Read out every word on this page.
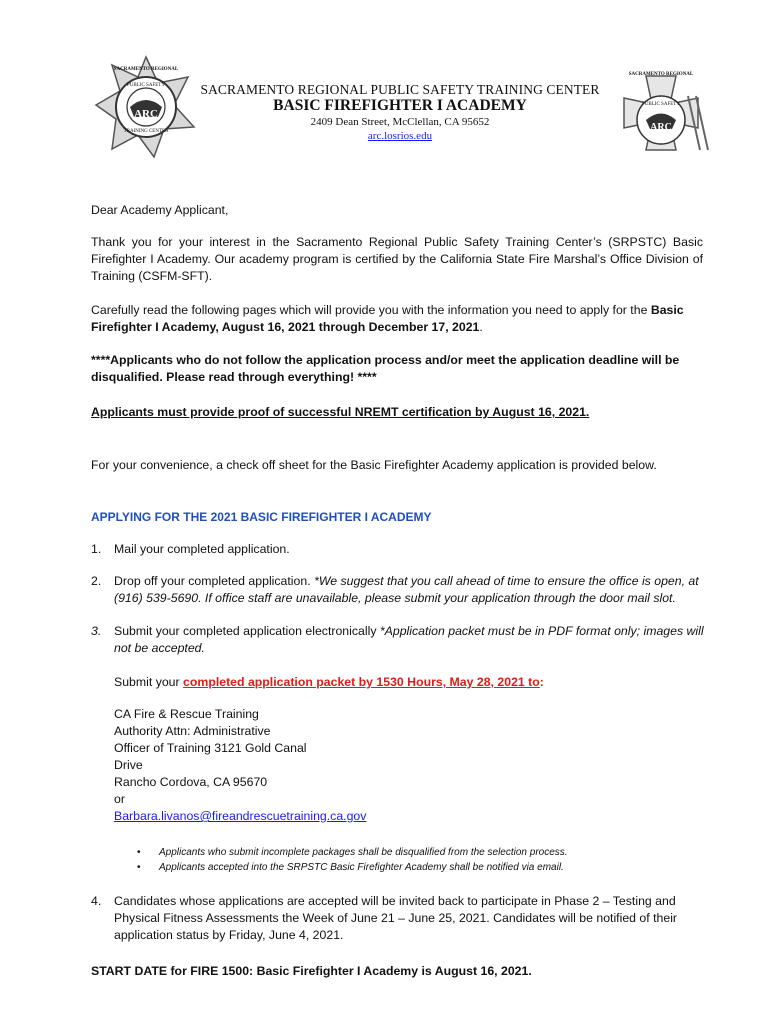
ARC
SACRAMENTO REGIONAL
PUBLIC SAFETY
TRAINING CENTER	ARC
SACRAMENTO REGIONAL
PUBLIC SAFETY
SACRAMENTO REGIONAL PUBLIC SAFETY TRAINING CENTER
BASIC FIREFIGHTER I ACADEMY
2409 Dean Street, McClellan, CA 95652
arc.losrios.edu
Dear Academy Applicant,
Thank you for your interest in the Sacramento Regional Public Safety Training Center’s (SRPSTC) Basic Firefighter I Academy. Our academy program is certified by the California State Fire Marshal’s Office Division of Training (CSFM-SFT).
Carefully read the following pages which will provide you with the information you need to apply for the Basic Firefighter I Academy, August 16, 2021 through December 17, 2021.
****Applicants who do not follow the application process and/or meet the application deadline will be disqualified. Please read through everything! ****
Applicants must provide proof of successful NREMT certification by August 16, 2021.
For your convenience, a check off sheet for the Basic Firefighter Academy application is provided below.
APPLYING FOR THE 2021 BASIC FIREFIGHTER I ACADEMY
1. Mail your completed application.
2. Drop off your completed application. *We suggest that you call ahead of time to ensure the office is open, at (916) 539-5690. If office staff are unavailable, please submit your application through the door mail slot.
3. Submit your completed application electronically *Application packet must be in PDF format only; images will not be accepted.
Submit your completed application packet by 1530 Hours, May 28, 2021 to:
CA Fire & Rescue Training
Authority Attn: Administrative
Officer of Training 3121 Gold Canal
Drive
Rancho Cordova, CA 95670
or
Barbara.livanos@fireandrescuetraining.ca.gov
• Applicants who submit incomplete packages shall be disqualified from the selection process.
• Applicants accepted into the SRPSTC Basic Firefighter Academy shall be notified via email.
4. Candidates whose applications are accepted will be invited back to participate in Phase 2 – Testing and Physical Fitness Assessments the Week of June 21 – June 25, 2021. Candidates will be notified of their application status by Friday, June 4, 2021.
START DATE for FIRE 1500: Basic Firefighter I Academy is August 16, 2021.
